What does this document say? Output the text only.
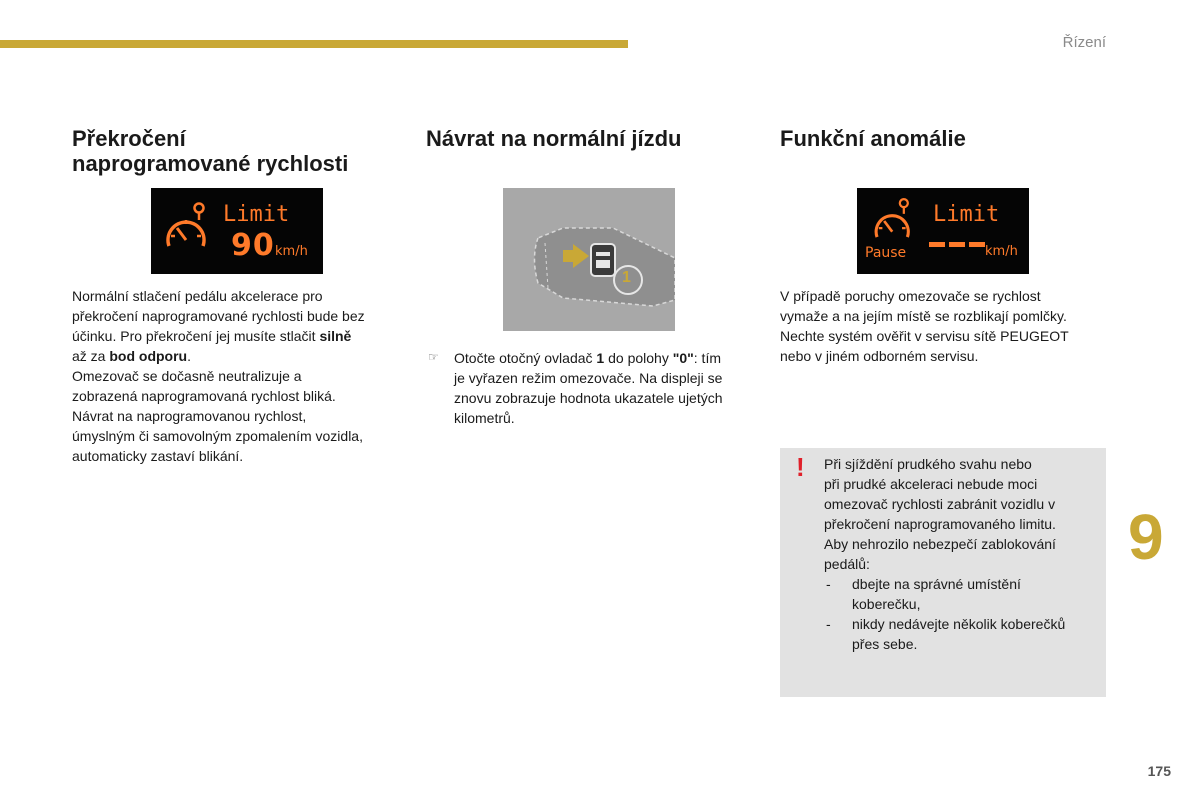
Řízení
Překročení
naprogramované rychlosti
Limit
90 km/h

Normální stlačení pedálu akcelerace pro
překročení naprogramované rychlosti bude bez
účinku. Pro překročení jej musíte stlačit silně
až za bod odporu.
Omezovač se dočasně neutralizuje a
zobrazená naprogramovaná rychlost bliká.
Návrat na naprogramovanou rychlost,
úmyslným či samovolným zpomalením vozidla,
automaticky zastaví blikání.

Návrat na normální jízdu
1
☞ Otočte otočný ovladač 1 do polohy "0": tím
je vyřazen režim omezovače. Na displeji se
znovu zobrazuje hodnota ukazatele ujetých
kilometrů.

Funkční anomálie
Pause
Limit
km/h

V případě poruchy omezovače se rychlost
vymaže a na jejím místě se rozblikají pomlčky.
Nechte systém ověřit v servisu sítě PEUGEOT
nebo v jiném odborném servisu.

! Při sjíždění prudkého svahu nebo
při prudké akceleraci nebude moci
omezovač rychlosti zabránit vozidlu v
překročení naprogramovaného limitu.
Aby nehrozilo nebezpečí zablokování
pedálů:
- dbejte na správné umístění
koberečku,
- nikdy nedávejte několik koberečků
přes sebe.
9
175
